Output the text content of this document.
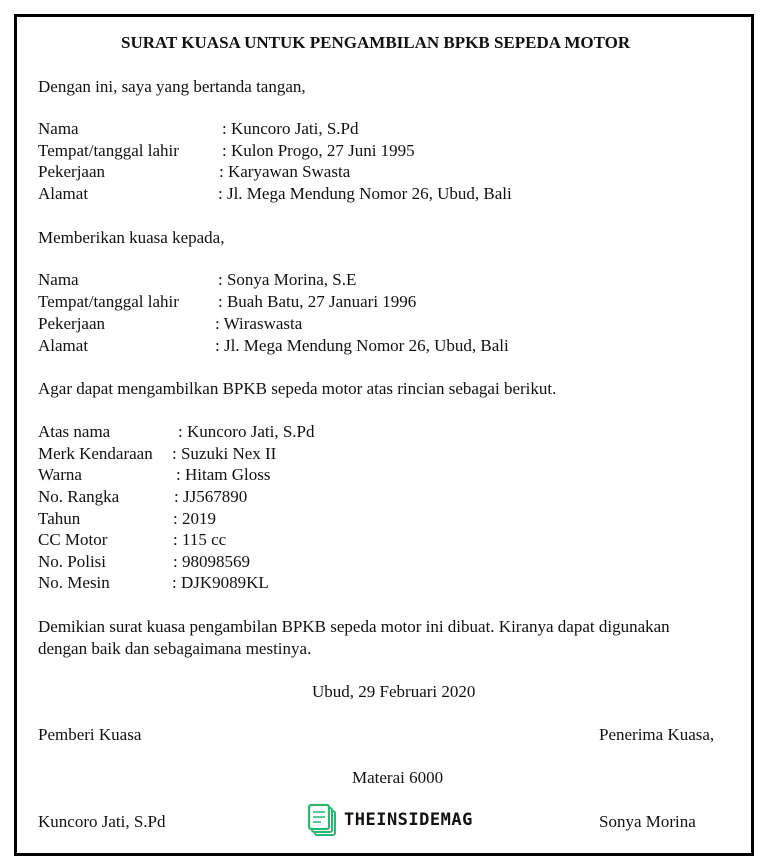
SURAT KUASA UNTUK PENGAMBILAN BPKB SEPEDA MOTOR
Dengan ini, saya yang bertanda tangan,
Nama	: Kuncoro Jati, S.Pd
Tempat/tanggal lahir	: Kulon Progo, 27 Juni 1995
Pekerjaan	: Karyawan Swasta
Alamat	: Jl. Mega Mendung Nomor 26, Ubud, Bali
Memberikan kuasa kepada,
Nama	: Sonya Morina, S.E
Tempat/tanggal lahir : Buah Batu, 27 Januari 1996
Pekerjaan	: Wiraswasta
Alamat	: Jl. Mega Mendung Nomor 26, Ubud, Bali
Agar dapat mengambilkan BPKB sepeda motor atas rincian sebagai berikut.
Atas nama	: Kuncoro Jati, S.Pd
Merk Kendaraan : Suzuki Nex II
Warna	: Hitam Gloss
No. Rangka	: JJ567890
Tahun	: 2019
CC Motor	: 115 cc
No. Polisi	: 98098569
No. Mesin	: DJK9089KL
Demikian surat kuasa pengambilan BPKB sepeda motor ini dibuat. Kiranya dapat digunakan
dengan baik dan sebagaimana mestinya.
Ubud, 29 Februari 2020
Pemberi Kuasa	Penerima Kuasa,
Materai 6000
Kuncoro Jati, S.Pd	Sonya Morina
THEINSIDEMAG
